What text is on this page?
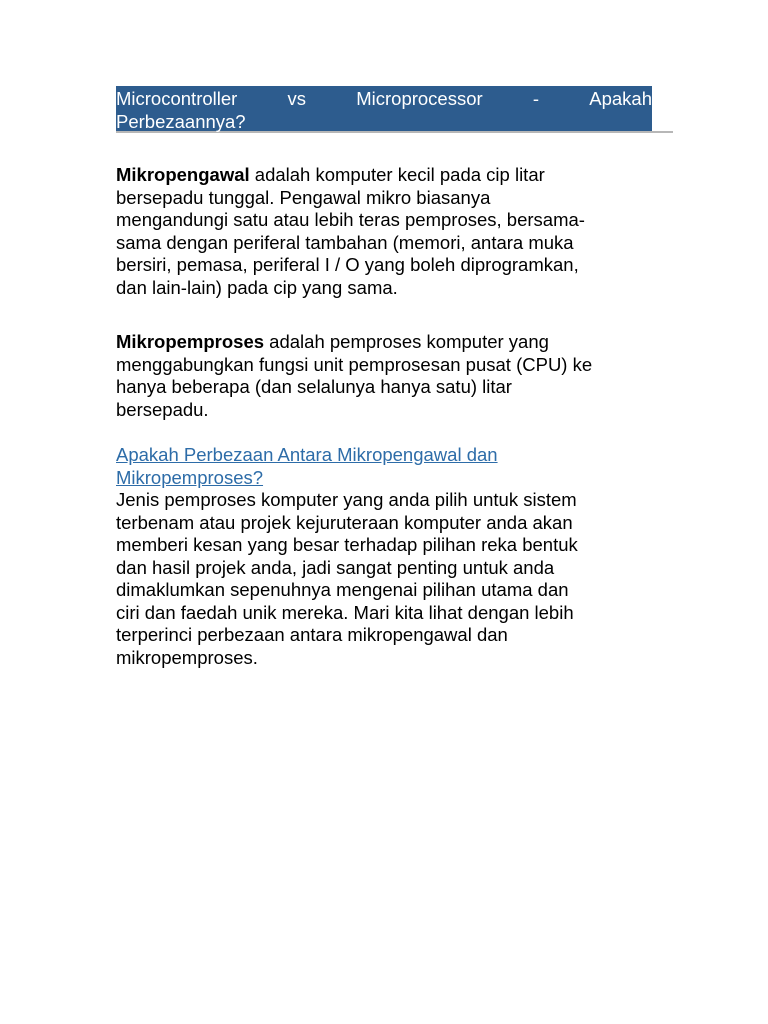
Microcontroller	vs	Microprocessor	-	Apakah
Perbezaannya?
Mikropengawal adalah komputer kecil pada cip litar
bersepadu tunggal. Pengawal mikro biasanya
mengandungi satu atau lebih teras pemproses, bersama-
sama dengan periferal tambahan (memori, antara muka
bersiri, pemasa, periferal I / O yang boleh diprogramkan,
dan lain-lain) pada cip yang sama.
Mikropemproses adalah pemproses komputer yang
menggabungkan fungsi unit pemprosesan pusat (CPU) ke
hanya beberapa (dan selalunya hanya satu) litar
bersepadu.
Apakah Perbezaan Antara Mikropengawal dan
Mikropemproses?
Jenis pemproses komputer yang anda pilih untuk sistem
terbenam atau projek kejuruteraan komputer anda akan
memberi kesan yang besar terhadap pilihan reka bentuk
dan hasil projek anda, jadi sangat penting untuk anda
dimaklumkan sepenuhnya mengenai pilihan utama dan
ciri dan faedah unik mereka. Mari kita lihat dengan lebih
terperinci perbezaan antara mikropengawal dan
mikropemproses.
